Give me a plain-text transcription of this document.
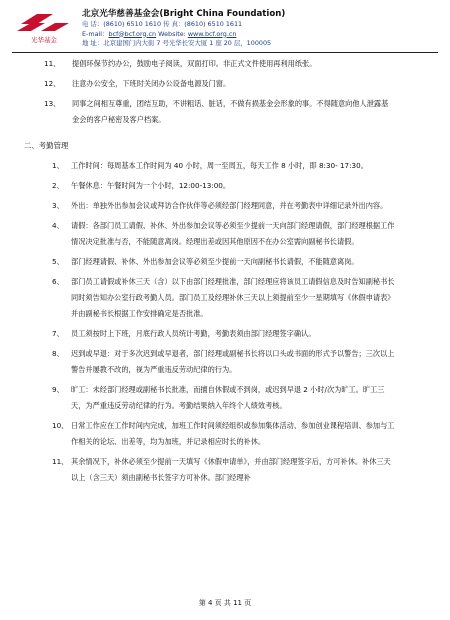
光华基金
北京光华慈善基金会(Bright China Foundation)
电 话：(8610) 6510 1610 传 真：(8610) 6510 1611
E-mail：bcf@bcf.org.cn Website: www.bcf.org.cn
地 址：北京建国门内大街 7 号光华长安大厦 1 座 20 层，100005
11、 提倡环保节约办公，鼓励电子阅读，双面打印。非正式文件使用再利用纸张。
12、 注意办公安全，下班时关闭办公设备电源及门窗。
13、 同事之间相互尊重，团结互助，不讲粗话、脏话，不做有损基金会形象的事。不得随意向他人泄露基金会的客户秘密及客户档案。
二、考勤管理
1、 工作时间：每周基本工作时间为 40 小时，周一至周五，每天工作 8 小时，即 8:30- 17:30。
2、 午餐休息：午餐时间为一个小时，12:00-13:00。
3、 外出：单独外出参加会议或拜访合作伙伴等必须经部门经理同意，并在考勤表中详细记录外出内容。
4、 请假：各部门员工请假、补休、外出参加会议等必须至少提前一天向部门经理请假，部门经理根据工作情况决定批准与否，不能随意离岗。经理出差或因其他原因不在办公室需向副秘书长请假。
5、 部门经理请假、补休、外出参加会议等必须至少提前一天向副秘书长请假，不能随意离岗。
6、 部门员工请假或补休三天（含）以下由部门经理批准，部门经理应将该员工请假信息及时告知副秘书长同时须告知办公室行政考勤人员。部门员工及经理补休三天以上须提前至少一星期填写《休假申请表》并由副秘书长根据工作安排确定是否批准。
7、 员工须按时上下班，月底行政人员统计考勤，考勤表须由部门经理签字确认。
8、 迟到或早退：对于多次迟到或早退者，部门经理或副秘书长将以口头或书面的形式予以警告；三次以上警告并屡教不改的，视为严重违反劳动纪律的行为。
9、 旷工：未经部门经理或副秘书长批准，而擅自休假或不到岗，或迟到早退 2 小时/次为旷工。旷工三天，为严重违反劳动纪律的行为。考勤结果纳入年终个人绩效考核。
10、 日常工作应在工作时间内完成，加班工作时间须经组织或参加集体活动、参加创业课程培训、参加与工作相关的论坛、出差等，均为加班，并记录相应时长的补休。
11、 其余情况下，补休必须至少提前一天填写《休假申请单》，并由部门经理签字后，方可补休。补休三天以上（含三天）须由副秘书长签字方可补休。部门经理补
第 4 页 共 11 页
